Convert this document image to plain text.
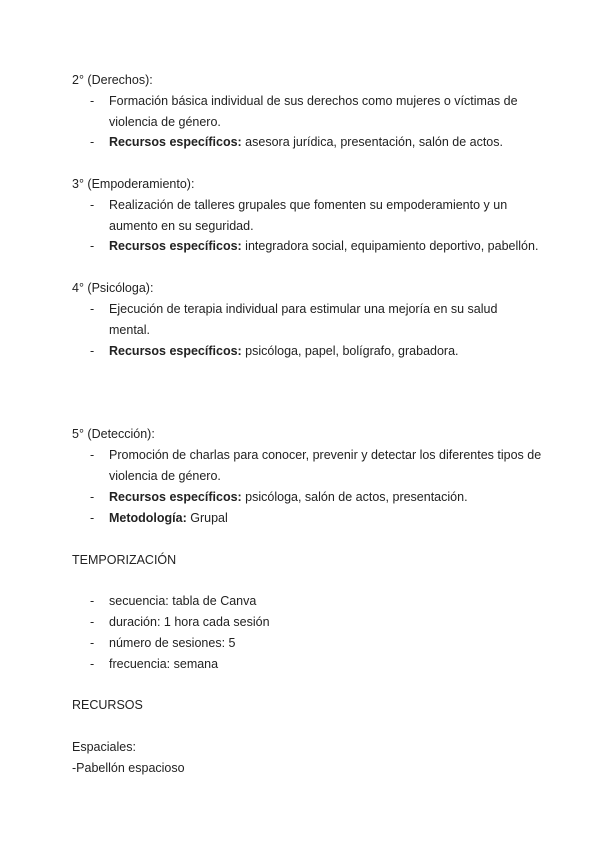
2° (Derechos):
- Formación básica individual de sus derechos como mujeres o víctimas de
violencia de género.
- Recursos específicos: asesora jurídica, presentación, salón de actos.
3° (Empoderamiento):
- Realización de talleres grupales que fomenten su empoderamiento y un
aumento en su seguridad.
- Recursos específicos: integradora social, equipamiento deportivo, pabellón.
4° (Psicóloga):
- Ejecución de terapia individual para estimular una mejoría en su salud
mental.
- Recursos específicos: psicóloga, papel, bolígrafo, grabadora.
5° (Detección):
- Promoción de charlas para conocer, prevenir y detectar los diferentes tipos de
violencia de género.
- Recursos específicos: psicóloga, salón de actos, presentación.
- Metodología: Grupal
TEMPORIZACIÓN
- secuencia: tabla de Canva
- duración: 1 hora cada sesión
- número de sesiones: 5
- frecuencia: semana
RECURSOS
Espaciales:
-Pabellón espacioso
